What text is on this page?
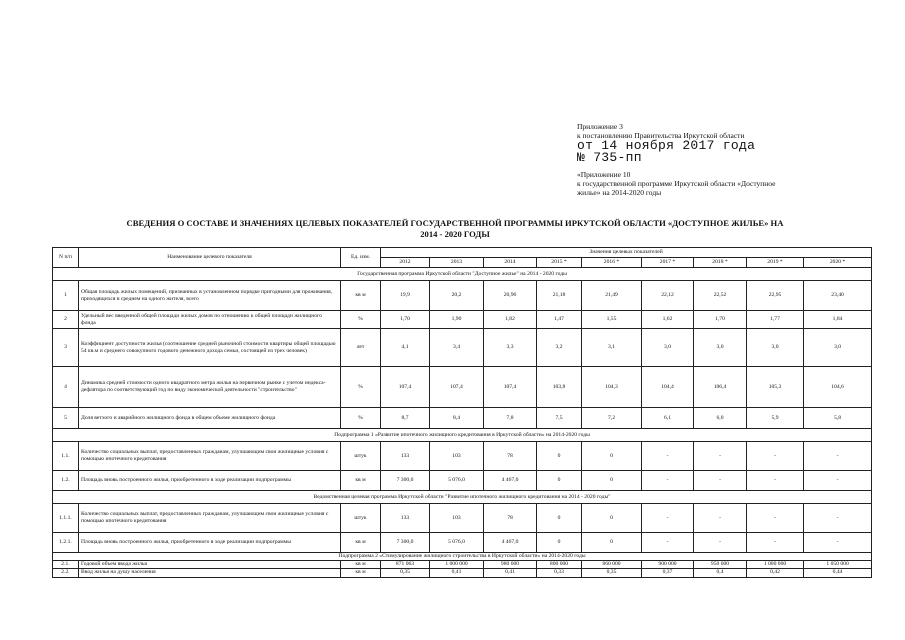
Приложение 3
к постановлению Правительства Иркутской области
от 14 ноября 2017 года
№ 735-пп
«Приложение 10
к государственной программе Иркутской области «Доступное
жилье» на 2014-2020 годы
СВЕДЕНИЯ О СОСТАВЕ И ЗНАЧЕНИЯХ ЦЕЛЕВЫХ ПОКАЗАТЕЛЕЙ ГОСУДАРСТВЕННОЙ ПРОГРАММЫ ИРКУТСКОЙ ОБЛАСТИ «ДОСТУПНОЕ ЖИЛЬЕ» НА
2014 - 2020 ГОДЫ
N п/п	Наименование целевого показателя	Ед. изм.	Значения целевых показателей								
			2012	2013	2014	2015 *	2016 *	2017 *	2018 *	2019 *	2020 *
Государственная программа Иркутской области "Доступное жилье" на 2014 - 2020 годы											
1	Общая площадь жилых помещений, признанных в установленном порядке пригодными для проживания, приходящихся в среднем на одного жителя, всего	кв м	19,9	20,2	20,96	21,18	21,49	22,12	22,52	22,95	23,40
2	Удельный вес введенной общей площади жилых домов по отношению к общей площади жилищного фонда	%	1,70	1,90	1,82	1,47	1,55	1,62	1,70	1,77	1,84
3	Коэффициент доступности жилья (соотношение средней рыночной стоимости квартиры общей площадью 54 кв.м и среднего совокупного годового денежного дохода семьи, состоящей из трех человек)	лет	4,1	3,4	3,3	3,2	3,1	3,0	3,0	3,0	3,0
4	Динамика средней стоимости одного квадратного метра жилья на первичном рынке с учетом индекса-дефлятора по соответствующий год по виду экономической деятельности "строительство"	%	107,4	107,4	107,4	103,8	104,3	104,4	106,4	105,3	104,6
5	Доля ветхого и аварийного жилищного фонда в общем объеме жилищного фонда	%	8,7	8,4	7,8	7,5	7,2	6,1	6,0	5,9	5,8
Подпрограмма 1 «Развитие ипотечного жилищного кредитования в Иркутской области» на 2014-2020 годы											
1.1.	Количество социальных выплат, предоставленных гражданам, улучшающим свои жилищные условия с помощью ипотечного кредитования	штук	133	103	78	0	0	-	-	-	-
1.2.	Площадь вновь построенного жилья, приобретенного в ходе реализации подпрограммы	кв м	7 300,0	5 076,0	4 467,0	0	0	-	-	-	-
Ведомственная целевая программа Иркутской области "Развитие ипотечного жилищного кредитования на 2014 - 2020 годы"											
1.1.1.	Количество социальных выплат, предоставленных гражданам, улучшающим свои жилищные условия с помощью ипотечного кредитования	штук	133	103	78	0	0	-	-	-	-
1.2.1.	Площадь вновь построенного жилья, приобретенного в ходе реализации подпрограммы	кв м	7 300,0	5 076,0	4 467,0	0	0	-	-	-	-
Подпрограмма 2 «Стимулирование жилищного строительства в Иркутской области» на 2014-2020 годы											
2.1.	Годовой объем ввода жилья	кв м	871 063	1 000 000	980 000	800 000	860 000	900 000	950 000	1 000 000	1 050 000
2.2.	Ввод жилья на душу населения	кв м	0,35	0,41	0,41	0,33	0,35	0,37	0,4	0,42	0,44
